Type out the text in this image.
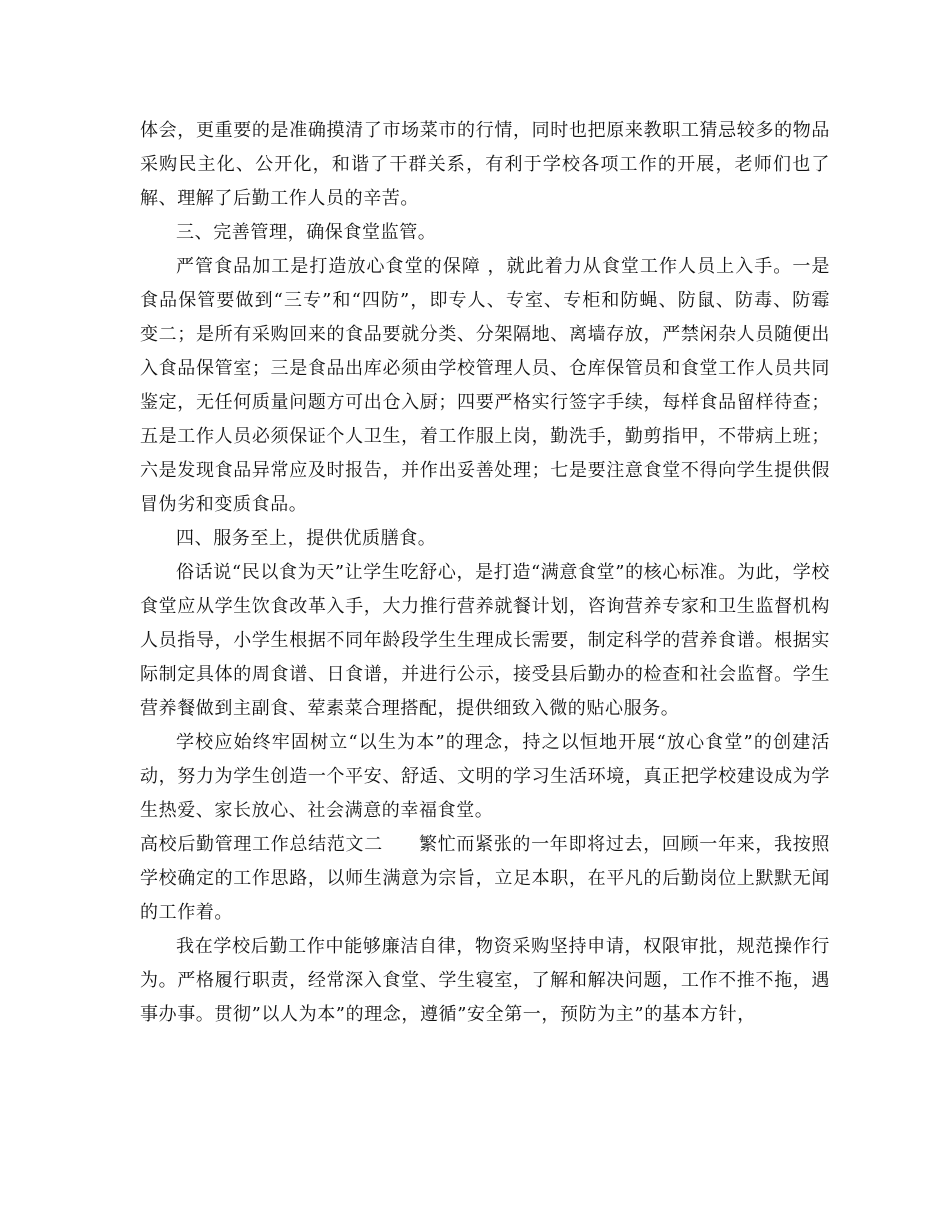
体会，更重要的是准确摸清了市场菜市的行情，同时也把原来教职工猜忌较多的物品采购民主化、公开化，和谐了干群关系，有利于学校各项工作的开展，老师们也了解、理解了后勤工作人员的辛苦。

三、完善管理，确保食堂监管。

严管食品加工是打造放心食堂的保障 ，就此着力从食堂工作人员上入手。一是食品保管要做到“三专”和“四防”，即专人、专室、专柜和防蝇、防鼠、防毒、防霉变二；是所有采购回来的食品要就分类、分架隔地、离墙存放，严禁闲杂人员随便出入食品保管室；三是食品出库必须由学校管理人员、仓库保管员和食堂工作人员共同鉴定，无任何质量问题方可出仓入厨；四要严格实行签字手续，每样食品留样待查；五是工作人员必须保证个人卫生，着工作服上岗，勤洗手，勤剪指甲，不带病上班；六是发现食品异常应及时报告，并作出妥善处理；七是要注意食堂不得向学生提供假冒伪劣和变质食品。

四、服务至上，提供优质膳食。

俗话说“民以食为天”让学生吃舒心，是打造“满意食堂”的核心标准。为此，学校食堂应从学生饮食改革入手，大力推行营养就餐计划，咨询营养专家和卫生监督机构人员指导，小学生根据不同年龄段学生生理成长需要，制定科学的营养食谱。根据实际制定具体的周食谱、日食谱，并进行公示，接受县后勤办的检查和社会监督。学生营养餐做到主副食、荤素菜合理搭配，提供细致入微的贴心服务。

学校应始终牢固树立“以生为本”的理念，持之以恒地开展“放心食堂”的创建活动，努力为学生创造一个平安、舒适、文明的学习生活环境，真正把学校建设成为学生热爱、家长放心、社会满意的幸福食堂。

高校后勤管理工作总结范文二 繁忙而紧张的一年即将过去，回顾一年来，我按照学校确定的工作思路，以师生满意为宗旨，立足本职，在平凡的后勤岗位上默默无闻的工作着。

我在学校后勤工作中能够廉洁自律，物资采购坚持申请，权限审批，规范操作行为。严格履行职责，经常深入食堂、学生寝室，了解和解决问题，工作不推不拖，遇事办事。贯彻”以人为本”的理念，遵循”安全第一，预防为主”的基本方针，
